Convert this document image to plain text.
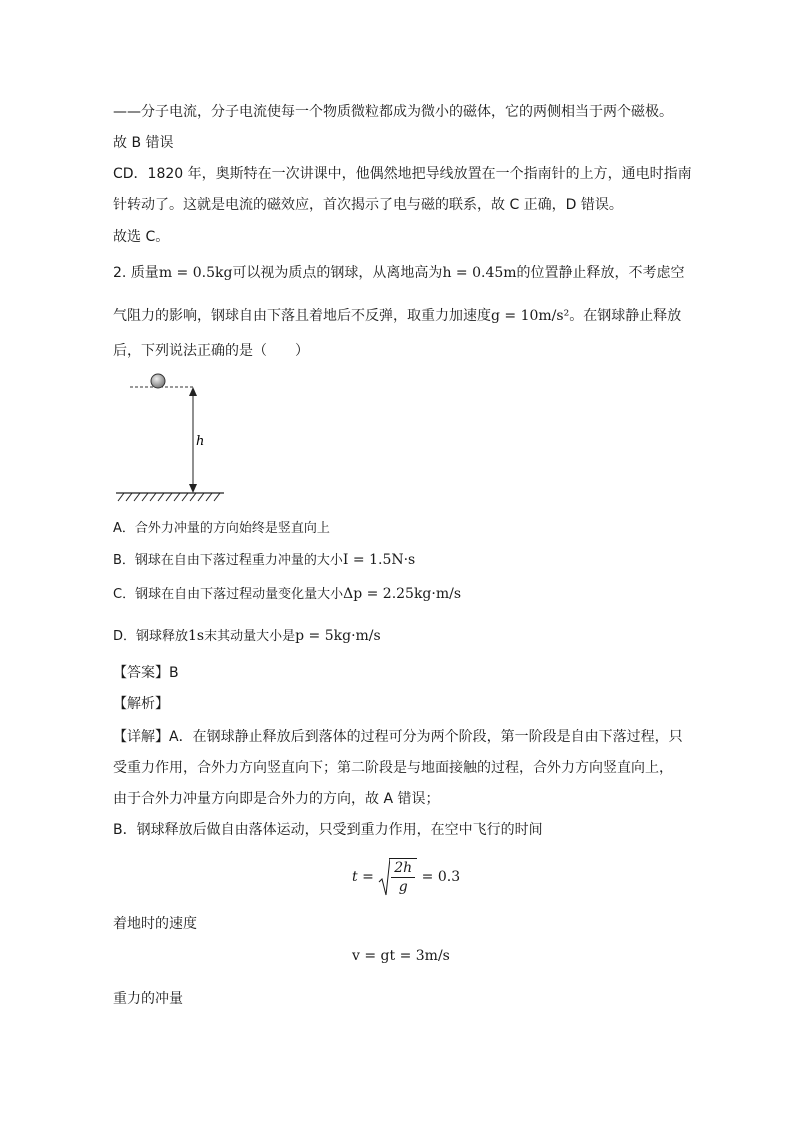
——分子电流，分子电流使每一个物质微粒都成为微小的磁体，它的两侧相当于两个磁极。
故 B 错误
CD．1820 年，奥斯特在一次讲课中，他偶然地把导线放置在一个指南针的上方，通电时指南
针转动了。这就是电流的磁效应，首次揭示了电与磁的联系，故 C 正确，D 错误。
故选 C。
2. 质量m = 0.5kg可以视为质点的钢球，从离地高为h = 0.45m的位置静止释放，不考虑空
气阻力的影响，钢球自由下落且着地后不反弹，取重力加速度g = 10m/s²。在钢球静止释放
后，下列说法正确的是（　　）
h
A．合外力冲量的方向始终是竖直向上
B．钢球在自由下落过程重力冲量的大小I = 1.5N·s
C．钢球在自由下落过程动量变化量大小Δp = 2.25kg·m/s
D．钢球释放1s末其动量大小是p = 5kg·m/s
【答案】B
【解析】
【详解】A．在钢球静止释放后到落体的过程可分为两个阶段，第一阶段是自由下落过程，只
受重力作用，合外力方向竖直向下；第二阶段是与地面接触的过程，合外力方向竖直向上，
由于合外力冲量方向即是合外力的方向，故 A 错误；
B．钢球释放后做自由落体运动，只受到重力作用，在空中飞行的时间
$t = \frac{2h}{g} = 0.3$
着地时的速度
v = gt = 3m/s
重力的冲量
